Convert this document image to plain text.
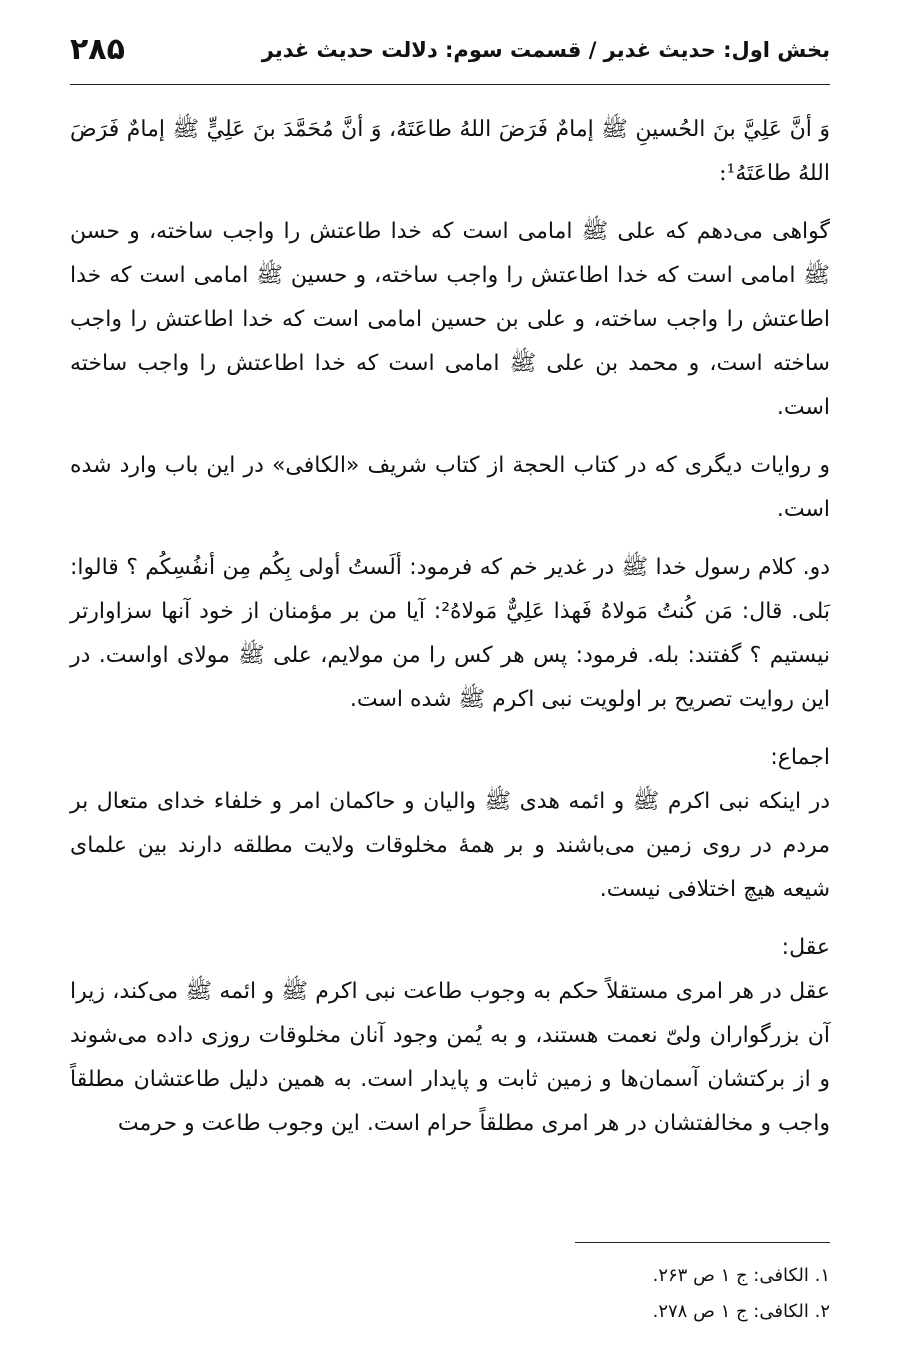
بخش اول: حدیث غدیر / قسمت سوم: دلالت حدیث غدیر
۲۸۵

وَ أنَّ عَلِيَّ بنَ الحُسينِ ﷺ إمامٌ فَرَضَ اللهُ طاعَتَهُ، وَ أنَّ مُحَمَّدَ بنَ عَلِيٍّ ﷺ إمامٌ فَرَضَ اللهُ طاعَتَهُ¹:

گواهی می‌دهم که علی ﷺ امامی است که خدا طاعتش را واجب ساخته، و حسن ﷺ امامی است که خدا اطاعتش را واجب ساخته، و حسین ﷺ امامی است که خدا اطاعتش را واجب ساخته، و علی بن حسین امامی است که خدا اطاعتش را واجب ساخته است، و محمد بن علی ﷺ امامی است که خدا اطاعتش را واجب ساخته است.

و روایات دیگری که در کتاب الحجة از کتاب شریف «الکافی» در این باب وارد شده است.

دو. کلام رسول خدا ﷺ در غدیر خم که فرمود: ألَستُ أولى بِكُم مِن أنفُسِكُم ؟ قالوا: بَلى. قال: مَن كُنتُ مَولاهُ فَهذا عَلِيٌّ مَولاهُ²: آیا من بر مؤمنان از خود آنها سزاوارتر نیستیم ؟ گفتند: بله. فرمود: پس هر کس را من مولایم، علی ﷺ مولای اواست. در این روایت تصریح بر اولویت نبی اکرم ﷺ شده است.

اجماع:

در اینکه نبی اکرم ﷺ و ائمه هدی ﷺ والیان و حاکمان امر و خلفاء خدای متعال بر مردم در روی زمین می‌باشند و بر همهٔ مخلوقات ولایت مطلقه دارند بین علمای شیعه هیچ اختلافی نیست.

عقل:

عقل در هر امری مستقلاً حکم به وجوب طاعت نبی اکرم ﷺ و ائمه ﷺ می‌کند، زیرا آن بزرگواران ولیّ نعمت هستند، و به یُمن وجود آنان مخلوقات روزی داده می‌شوند و از برکتشان آسمان‌ها و زمین ثابت و پایدار است. به همین دلیل طاعتشان مطلقاً واجب و مخالفتشان در هر امری مطلقاً حرام است. این وجوب طاعت و حرمت

۱. الکافی: ج ۱ ص ۲۶۳.

۲. الکافی: ج ۱ ص ۲۷۸.
